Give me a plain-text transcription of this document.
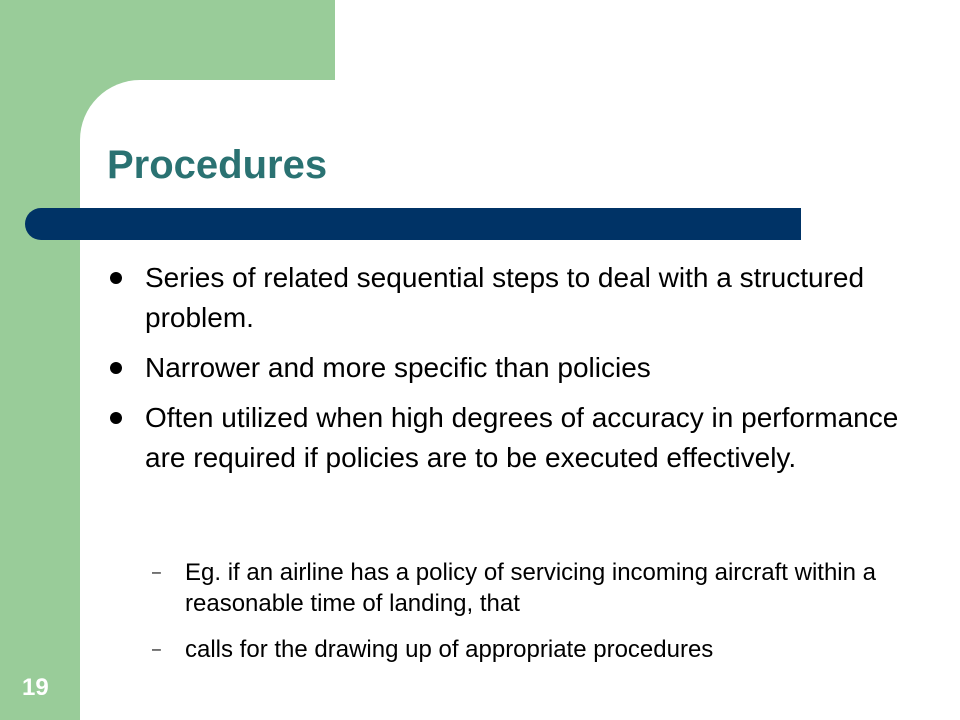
Procedures
Series of related sequential steps to deal with a structured problem.
Narrower and more specific than policies
Often utilized when high degrees of accuracy in performance are required if policies are to be executed effectively.
– Eg. if an airline has a policy of servicing incoming aircraft within a reasonable time of landing, that
– calls for the drawing up of appropriate procedures
19
